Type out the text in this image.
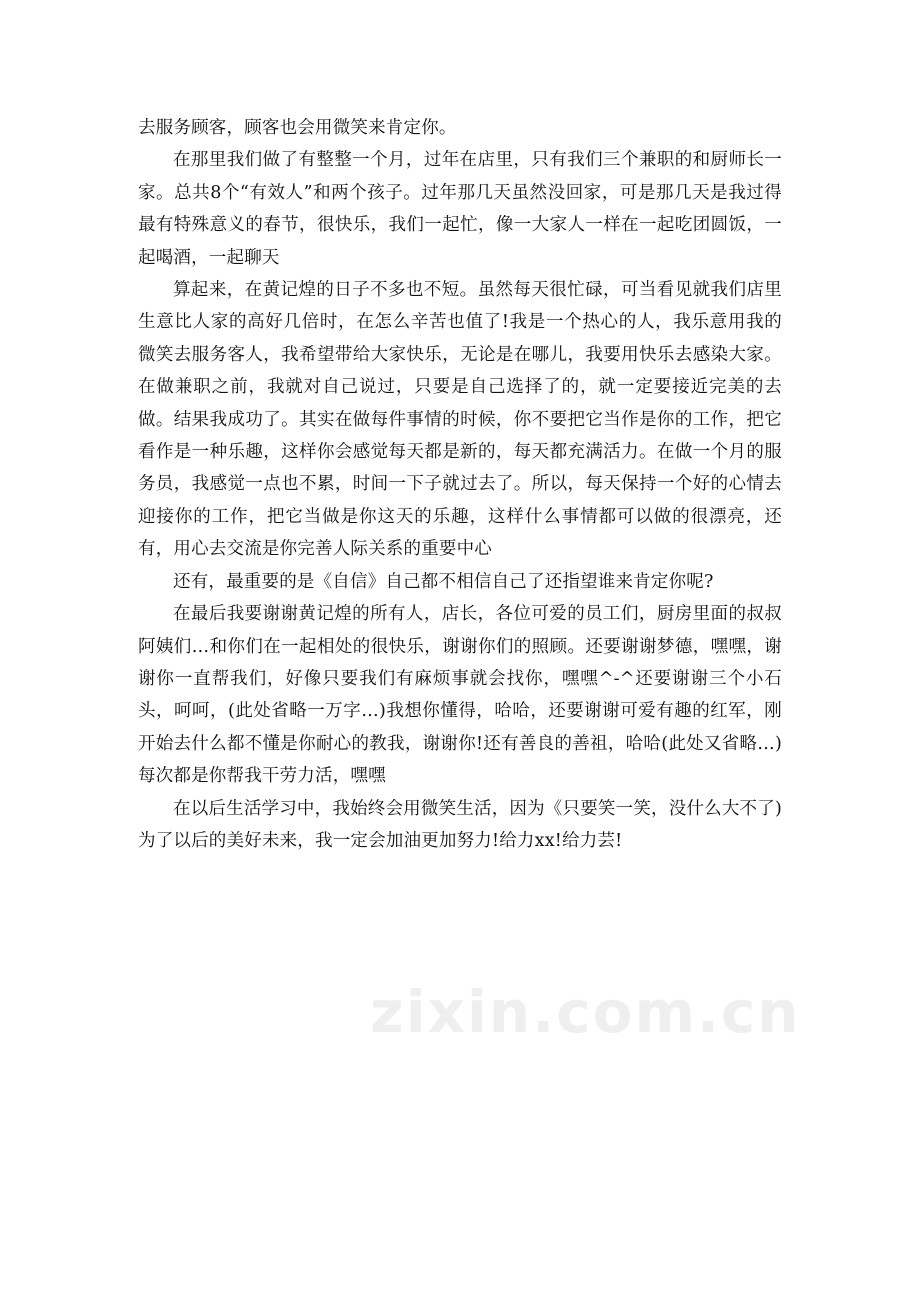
去服务顾客，顾客也会用微笑来肯定你。

在那里我们做了有整整一个月，过年在店里，只有我们三个兼职的和厨师长一家。总共8个“有效人”和两个孩子。过年那几天虽然没回家，可是那几天是我过得最有特殊意义的春节，很快乐，我们一起忙，像一大家人一样在一起吃团圆饭，一起喝酒，一起聊天

算起来，在黄记煌的日子不多也不短。虽然每天很忙碌，可当看见就我们店里生意比人家的高好几倍时，在怎么辛苦也值了!我是一个热心的人，我乐意用我的微笑去服务客人，我希望带给大家快乐，无论是在哪儿，我要用快乐去感染大家。在做兼职之前，我就对自己说过，只要是自己选择了的，就一定要接近完美的去做。结果我成功了。其实在做每件事情的时候，你不要把它当作是你的工作，把它看作是一种乐趣，这样你会感觉每天都是新的，每天都充满活力。在做一个月的服务员，我感觉一点也不累，时间一下子就过去了。所以，每天保持一个好的心情去迎接你的工作，把它当做是你这天的乐趣，这样什么事情都可以做的很漂亮，还有，用心去交流是你完善人际关系的重要中心

还有，最重要的是《自信》自己都不相信自己了还指望谁来肯定你呢?

在最后我要谢谢黄记煌的所有人，店长，各位可爱的员工们，厨房里面的叔叔阿姨们…和你们在一起相处的很快乐，谢谢你们的照顾。还要谢谢梦德，嘿嘿，谢谢你一直帮我们，好像只要我们有麻烦事就会找你，嘿嘿^-^还要谢谢三个小石头，呵呵，(此处省略一万字…)我想你懂得，哈哈，还要谢谢可爱有趣的红军，刚开始去什么都不懂是你耐心的教我，谢谢你!还有善良的善祖，哈哈(此处又省略…)每次都是你帮我干劳力活，嘿嘿

在以后生活学习中，我始终会用微笑生活，因为《只要笑一笑，没什么大不了)为了以后的美好未来，我一定会加油更加努力!给力xx!给力芸!

zixin.com.cn
